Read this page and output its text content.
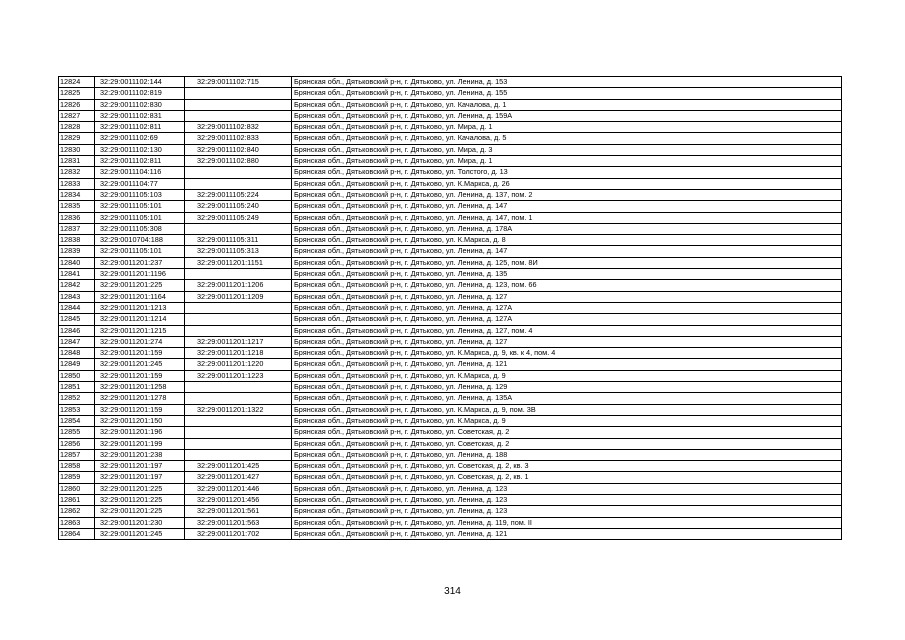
12824	32:29:0011102:144	32:29:0011102:715	Брянская обл., Дятьковский р-н, г. Дятьково, ул. Ленина, д. 153
12825	32:29:0011102:819		Брянская обл., Дятьковский р-н, г. Дятьково, ул. Ленина, д. 155
12826	32:29:0011102:830		Брянская обл., Дятьковский р-н, г. Дятьково, ул. Качалова, д. 1
12827	32:29:0011102:831		Брянская обл., Дятьковский р-н, г. Дятьково, ул. Ленина, д. 159А
12828	32:29:0011102:811	32:29:0011102:832	Брянская обл., Дятьковский р-н, г. Дятьково, ул. Мира, д. 1
12829	32:29:0011102:69	32:29:0011102:833	Брянская обл., Дятьковский р-н, г. Дятьково, ул. Качалова, д. 5
12830	32:29:0011102:130	32:29:0011102:840	Брянская обл., Дятьковский р-н, г. Дятьково, ул. Мира, д. 3
12831	32:29:0011102:811	32:29:0011102:880	Брянская обл., Дятьковский р-н, г. Дятьково, ул. Мира, д. 1
12832	32:29:0011104:116		Брянская обл., Дятьковский р-н, г. Дятьково, ул. Толстого, д. 13
12833	32:29:0011104:77		Брянская обл., Дятьковский р-н, г. Дятьково, ул. К.Маркса, д. 26
12834	32:29:0011105:103	32:29:0011105:224	Брянская обл., Дятьковский р-н, г. Дятьково, ул. Ленина, д. 137, пом. 2
12835	32:29:0011105:101	32:29:0011105:240	Брянская обл., Дятьковский р-н, г. Дятьково, ул. Ленина, д. 147
12836	32:29:0011105:101	32:29:0011105:249	Брянская обл., Дятьковский р-н, г. Дятьково, ул. Ленина, д. 147, пом. 1
12837	32:29:0011105:308		Брянская обл., Дятьковский р-н, г. Дятьково, ул. Ленина, д. 178А
12838	32:29:0010704:188	32:29:0011105:311	Брянская обл., Дятьковский р-н, г. Дятьково, ул. К.Маркса, д. 8
12839	32:29:0011105:101	32:29:0011105:313	Брянская обл., Дятьковский р-н, г. Дятьково, ул. Ленина, д. 147
12840	32:29:0011201:237	32:29:0011201:1151	Брянская обл., Дятьковский р-н, г. Дятьково, ул. Ленина, д. 125, пом. 8И
12841	32:29:0011201:1196		Брянская обл., Дятьковский р-н, г. Дятьково, ул. Ленина, д. 135
12842	32:29:0011201:225	32:29:0011201:1206	Брянская обл., Дятьковский р-н, г. Дятьково, ул. Ленина, д. 123, пом. 66
12843	32:29:0011201:1164	32:29:0011201:1209	Брянская обл., Дятьковский р-н, г. Дятьково, ул. Ленина, д. 127
12844	32:29:0011201:1213		Брянская обл., Дятьковский р-н, г. Дятьково, ул. Ленина, д. 127А
12845	32:29:0011201:1214		Брянская обл., Дятьковский р-н, г. Дятьково, ул. Ленина, д. 127А
12846	32:29:0011201:1215		Брянская обл., Дятьковский р-н, г. Дятьково, ул. Ленина, д. 127, пом. 4
12847	32:29:0011201:274	32:29:0011201:1217	Брянская обл., Дятьковский р-н, г. Дятьково, ул. Ленина, д. 127
12848	32:29:0011201:159	32:29:0011201:1218	Брянская обл., Дятьковский р-н, г. Дятьково, ул. К.Маркса, д. 9, кв. к 4, пом. 4
12849	32:29:0011201:245	32:29:0011201:1220	Брянская обл., Дятьковский р-н, г. Дятьково, ул. Ленина, д. 121
12850	32:29:0011201:159	32:29:0011201:1223	Брянская обл., Дятьковский р-н, г. Дятьково, ул. К.Маркса, д. 9
12851	32:29:0011201:1258		Брянская обл., Дятьковский р-н, г. Дятьково, ул. Ленина, д. 129
12852	32:29:0011201:1278		Брянская обл., Дятьковский р-н, г. Дятьково, ул. Ленина, д. 135А
12853	32:29:0011201:159	32:29:0011201:1322	Брянская обл., Дятьковский р-н, г. Дятьково, ул. К.Маркса, д. 9, пом. 3В
12854	32:29:0011201:150		Брянская обл., Дятьковский р-н, г. Дятьково, ул. К.Маркса, д. 9
12855	32:29:0011201:196		Брянская обл., Дятьковский р-н, г. Дятьково, ул. Советская, д. 2
12856	32:29:0011201:199		Брянская обл., Дятьковский р-н, г. Дятьково, ул. Советская, д. 2
12857	32:29:0011201:238		Брянская обл., Дятьковский р-н, г. Дятьково, ул. Ленина, д. 188
12858	32:29:0011201:197	32:29:0011201:425	Брянская обл., Дятьковский р-н, г. Дятьково, ул. Советская, д. 2, кв. 3
12859	32:29:0011201:197	32:29:0011201:427	Брянская обл., Дятьковский р-н, г. Дятьково, ул. Советская, д. 2, кв. 1
12860	32:29:0011201:225	32:29:0011201:446	Брянская обл., Дятьковский р-н, г. Дятьково, ул. Ленина, д. 123
12861	32:29:0011201:225	32:29:0011201:456	Брянская обл., Дятьковский р-н, г. Дятьково, ул. Ленина, д. 123
12862	32:29:0011201:225	32:29:0011201:561	Брянская обл., Дятьковский р-н, г. Дятьково, ул. Ленина, д. 123
12863	32:29:0011201:230	32:29:0011201:563	Брянская обл., Дятьковский р-н, г. Дятьково, ул. Ленина, д. 119, пом. II
12864	32:29:0011201:245	32:29:0011201:702	Брянская обл., Дятьковский р-н, г. Дятьково, ул. Ленина, д. 121
314
